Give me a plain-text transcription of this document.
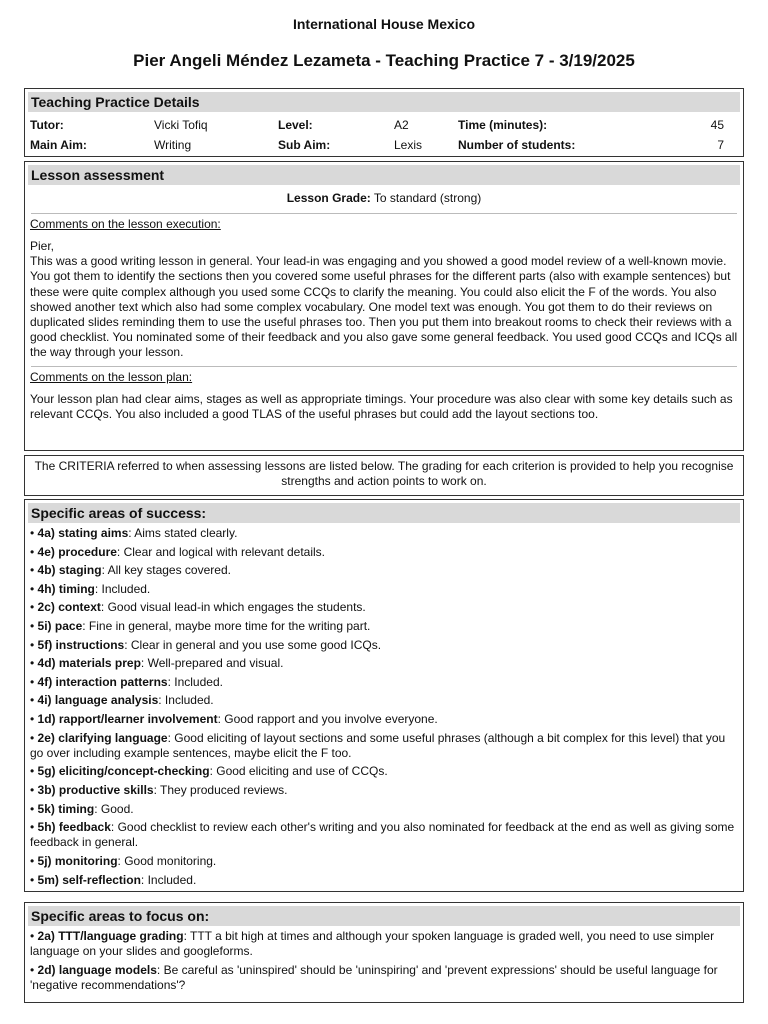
International House Mexico
Pier Angeli Méndez Lezameta - Teaching Practice 7 - 3/19/2025
Teaching Practice Details
Tutor:	Vicki Tofiq	Level:	A2	Time (minutes):	45
Main Aim:	Writing	Sub Aim:	Lexis	Number of students:	7
Lesson assessment
Lesson Grade: To standard (strong)
Comments on the lesson execution:
Pier,
This was a good writing lesson in general. Your lead-in was engaging and you showed a good model review of a well-known movie. You got them to identify the sections then you covered some useful phrases for the different parts (also with example sentences) but these were quite complex although you used some CCQs to clarify the meaning. You could also elicit the F of the words. You also showed another text which also had some complex vocabulary. One model text was enough. You got them to do their reviews on duplicated slides reminding them to use the useful phrases too. Then you put them into breakout rooms to check their reviews with a good checklist. You nominated some of their feedback and you also gave some general feedback. You used good CCQs and ICQs all the way through your lesson.
Comments on the lesson plan:
Your lesson plan had clear aims, stages as well as appropriate timings. Your procedure was also clear with some key details such as relevant CCQs. You also included a good TLAS of the useful phrases but could add the layout sections too.
The CRITERIA referred to when assessing lessons are listed below. The grading for each criterion is provided to help you recognise strengths and action points to work on.
Specific areas of success:
• 4a) stating aims: Aims stated clearly.
• 4e) procedure: Clear and logical with relevant details.
• 4b) staging: All key stages covered.
• 4h) timing: Included.
• 2c) context: Good visual lead-in which engages the students.
• 5i) pace: Fine in general, maybe more time for the writing part.
• 5f) instructions: Clear in general and you use some good ICQs.
• 4d) materials prep: Well-prepared and visual.
• 4f) interaction patterns: Included.
• 4i) language analysis: Included.
• 1d) rapport/learner involvement: Good rapport and you involve everyone.
• 2e) clarifying language: Good eliciting of layout sections and some useful phrases (although a bit complex for this level) that you go over including example sentences, maybe elicit the F too.
• 5g) eliciting/concept-checking: Good eliciting and use of CCQs.
• 3b) productive skills: They produced reviews.
• 5k) timing: Good.
• 5h) feedback: Good checklist to review each other's writing and you also nominated for feedback at the end as well as giving some feedback in general.
• 5j) monitoring: Good monitoring.
• 5m) self-reflection: Included.
Specific areas to focus on:
• 2a) TTT/language grading: TTT a bit high at times and although your spoken language is graded well, you need to use simpler language on your slides and googleforms.
• 2d) language models: Be careful as 'uninspired' should be 'uninspiring' and 'prevent expressions' should be useful language for 'negative recommendations'?
